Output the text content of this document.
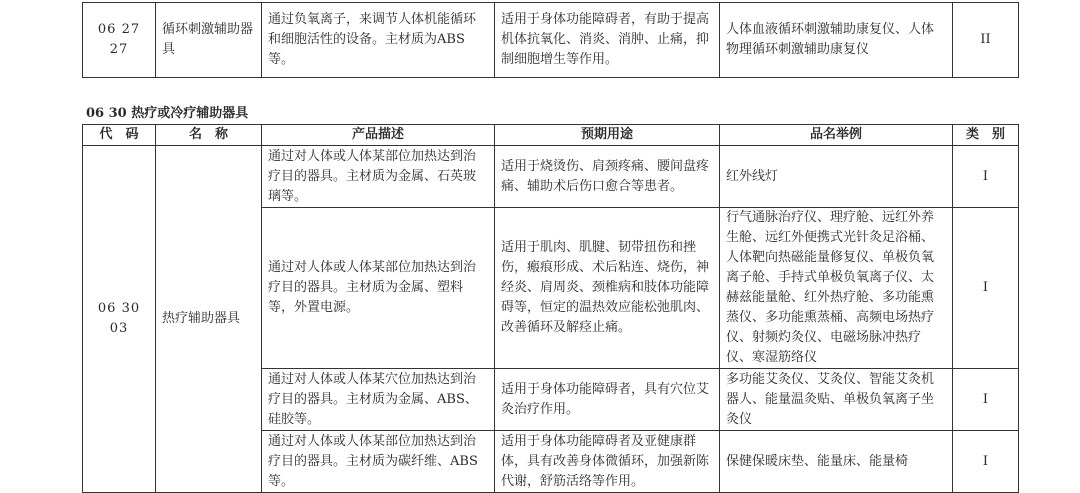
06 27 27	循环刺激辅助器具	通过负氧离子，来调节人体机能循环和细胞活性的设备。主材质为ABS等。	适用于身体功能障碍者，有助于提高机体抗氧化、消炎、消肿、止痛，抑制细胞增生等作用。	人体血液循环刺激辅助康复仪、人体物理循环刺激辅助康复仪	II
06 30 热疗或冷疗辅助器具
代　码	名　称	产品描述	预期用途	品名举例	类　别
06 30 03	热疗辅助器具	通过对人体或人体某部位加热达到治疗目的器具。主材质为金属、石英玻璃等。	适用于烧烫伤、肩颈疼痛、腰间盘疼痛、辅助术后伤口愈合等患者。	红外线灯	I
		通过对人体或人体某部位加热达到治疗目的器具。主材质为金属、塑料等，外置电源。	适用于肌肉、肌腱、韧带扭伤和挫伤，瘢痕形成、术后粘连、烧伤，神经炎、肩周炎、颈椎病和肢体功能障碍等，恒定的温热效应能松弛肌肉、改善循环及解痉止痛。	行气通脉治疗仪、理疗舱、远红外养生舱、远红外便携式光针灸足浴桶、人体靶向热磁能量修复仪、单极负氧离子舱、手持式单极负氧离子仪、太赫兹能量舱、红外热疗舱、多功能熏蒸仪、多功能熏蒸桶、高频电场热疗仪、射频灼灸仪、电磁场脉冲热疗仪、寒湿筋络仪	I
		通过对人体或人体某穴位加热达到治疗目的器具。主材质为金属、ABS、硅胶等。	适用于身体功能障碍者，具有穴位艾灸治疗作用。	多功能艾灸仪、艾灸仪、智能艾灸机器人、能量温灸贴、单极负氧离子坐灸仪	I
		通过对人体或人体某部位加热达到治疗目的器具。主材质为碳纤维、ABS等。	适用于身体功能障碍者及亚健康群体，具有改善身体微循环，加强新陈代谢，舒筋活络等作用。	保健保暖床垫、能量床、能量椅	I
